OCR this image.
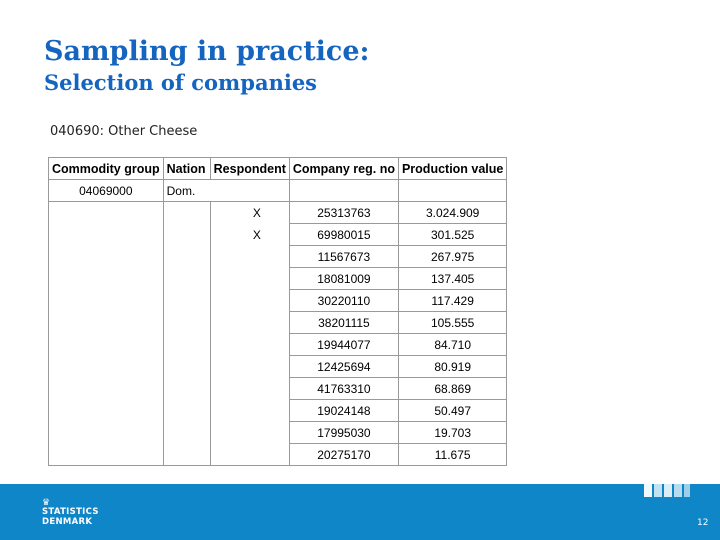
Sampling in practice:
Selection of companies
040690: Other Cheese
Commodity group	Nation	Respondent	Company reg. no	Production value
04069000	Dom.			
		X	25313763	3.024.909
		X	69980015	301.525
			11567673	267.975
			18081009	137.405
			30220110	117.429
			38201115	105.555
			19944077	84.710
			12425694	80.919
			41763310	68.869
			19024148	50.497
			17995030	19.703
			20275170	11.675
♛
STATISTICS
DENMARK	12
